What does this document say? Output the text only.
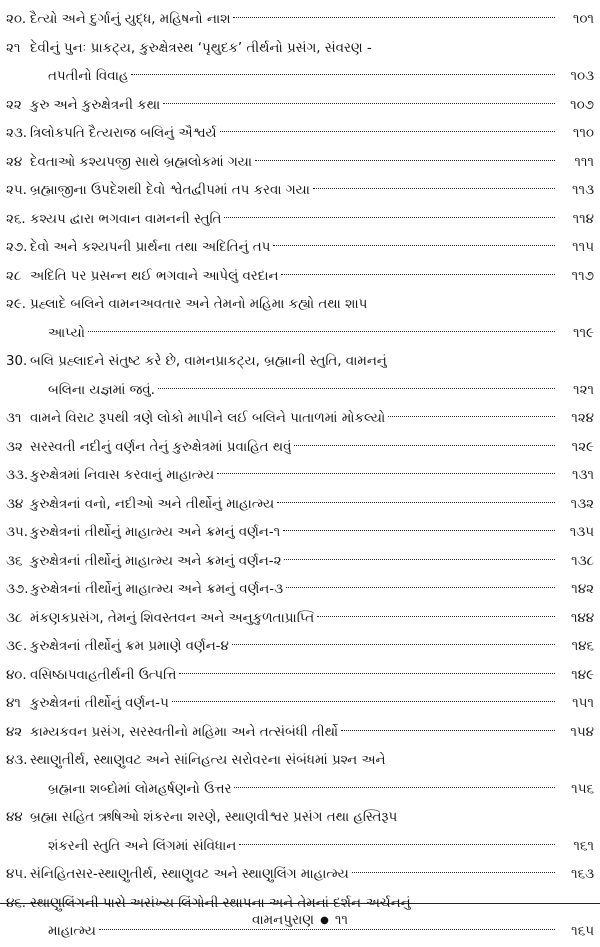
૨૦. દૈત્યો અને દુર્ગાનું યુદ્ધ, મહિષનો નાશ	૧૦૧
૨૧ દેવીનું પુનઃ પ્રાકટ્ય, કુરુક્ષેત્રસ્થ ‘પૃથુદક’ તીર્થનો પ્રસંગ, સંવરણ -
તપતીનો વિવાહ	૧૦૩
૨૨ કુરુ અને કુરુક્ષેત્રની કથા	૧૦૭
૨૩. ત્રિલોકપતિ દૈત્યરાજ બલિનું ઐશ્વર્ય	૧૧૦
૨૪ દેવતાઓ કશ્યપજી સાથે બ્રહ્મલોકમાં ગયા	૧૧૧
૨૫. બ્રહ્માજીના ઉપદેશથી દેવો શ્વેતદ્વીપમાં તપ કરવા ગયા	૧૧૩
૨૬. કશ્યપ દ્વારા ભગવાન વામનની સ્તુતિ	૧૧૪
૨૭. દેવો અને કશ્યપની પ્રાર્થના તથા અદિતિનું તપ	૧૧૫
૨૮ અદિતિ પર પ્રસન્ન થઈ ભગવાને આપેલું વરદાન	૧૧૭
૨૯. પ્રહ્લાદે બલિને વામનઅવતાર અને તેમનો મહિમા કહ્યો તથા શાપ
આપ્યો	૧૧૯
30. બલિ પ્રહ્લાદને સંતુષ્ટ કરે છે, વામનપ્રાકટ્ય, બ્રહ્માની સ્તુતિ, વામનનું
બલિના યજ્ઞમાં જવું.	૧૨૧
૩૧ વામને વિરાટ રૂપથી ત્રણે લોકો માપીને લઈ બલિને પાતાળમાં મોકલ્યો	૧૨૪
૩૨ સરસ્વતી નદીનું વર્ણન તેનું કુરુક્ષેત્રમાં પ્રવાહિત થવું	૧૨૯
૩૩. કુરુક્ષેત્રમાં નિવાસ કરવાનું માહાત્મ્ય	૧૩૧
૩૪ કુરુક્ષેત્રનાં વનો, નદીઓ અને તીર્થોનું માહાત્મ્ય	૧૩૨
૩૫. કુરુક્ષેત્રનાં તીર્થોનું માહાત્મ્ય અને ક્રમનું વર્ણન-૧	૧૩૫
૩૬ કુરુક્ષેત્રનાં તીર્થોનું માહાત્મ્ય અને ક્રમનું વર્ણન-૨	૧૩૮
૩૭. કુરુક્ષેત્રનાં તીર્થોનું માહાત્મ્ય અને ક્રમનું વર્ણન-૩	૧૪૨
૩૮ મંકણકપ્રસંગ, તેમનું શિવસ્તવન અને અનુકુળતાપ્રાપ્તિ	૧૪૪
૩૯. કુરુક્ષેત્રનાં તીર્થોનું ક્રમ પ્રમાણે વર્ણન-૪	૧૪૬
૪૦. વસિષ્ઠાપવાહતીર્થની ઉત્પત્તિ	૧૪૯
૪૧ કુરુક્ષેત્રનાં તીર્થોનું વર્ણન-૫	૧૫૧
૪૨ કામ્યકવન પ્રસંગ, સરસ્વતીનો મહિમા અને તત્સંબંધી તીર્થો	૧૫૪
૪૩. સ્થાણુતીર્થ, સ્થાણુવટ અને સાંનિહત્ય સરોવરના સંબંધમાં પ્રશ્ન અને
બ્રહ્મના શબ્દોમાં લોમહર્ષણનો ઉત્તર	૧૫૬
૪૪ બ્રહ્મા સહિત ઋષિઓ શંકરના શરણે, સ્થાણવીશ્વર પ્રસંગ તથા હસ્તિરૂપ
શંકરની સ્તુતિ અને લિંગમાં સંવિધાન	૧૬૧
૪૫. સંનિહિતસર-સ્થાણુતીર્થ, સ્થાણુવટ અને સ્થાણુલિંગ માહાત્મ્ય	૧૬૩
૪૬. સ્થાણુલિંગની પાસે અસંખ્ય લિંગોની સ્થાપના અને તેમનાં દર્શન-અર્ચનનું
માહાત્મ્ય	૧૬૫
વામનપુરાણ ● ૧૧
